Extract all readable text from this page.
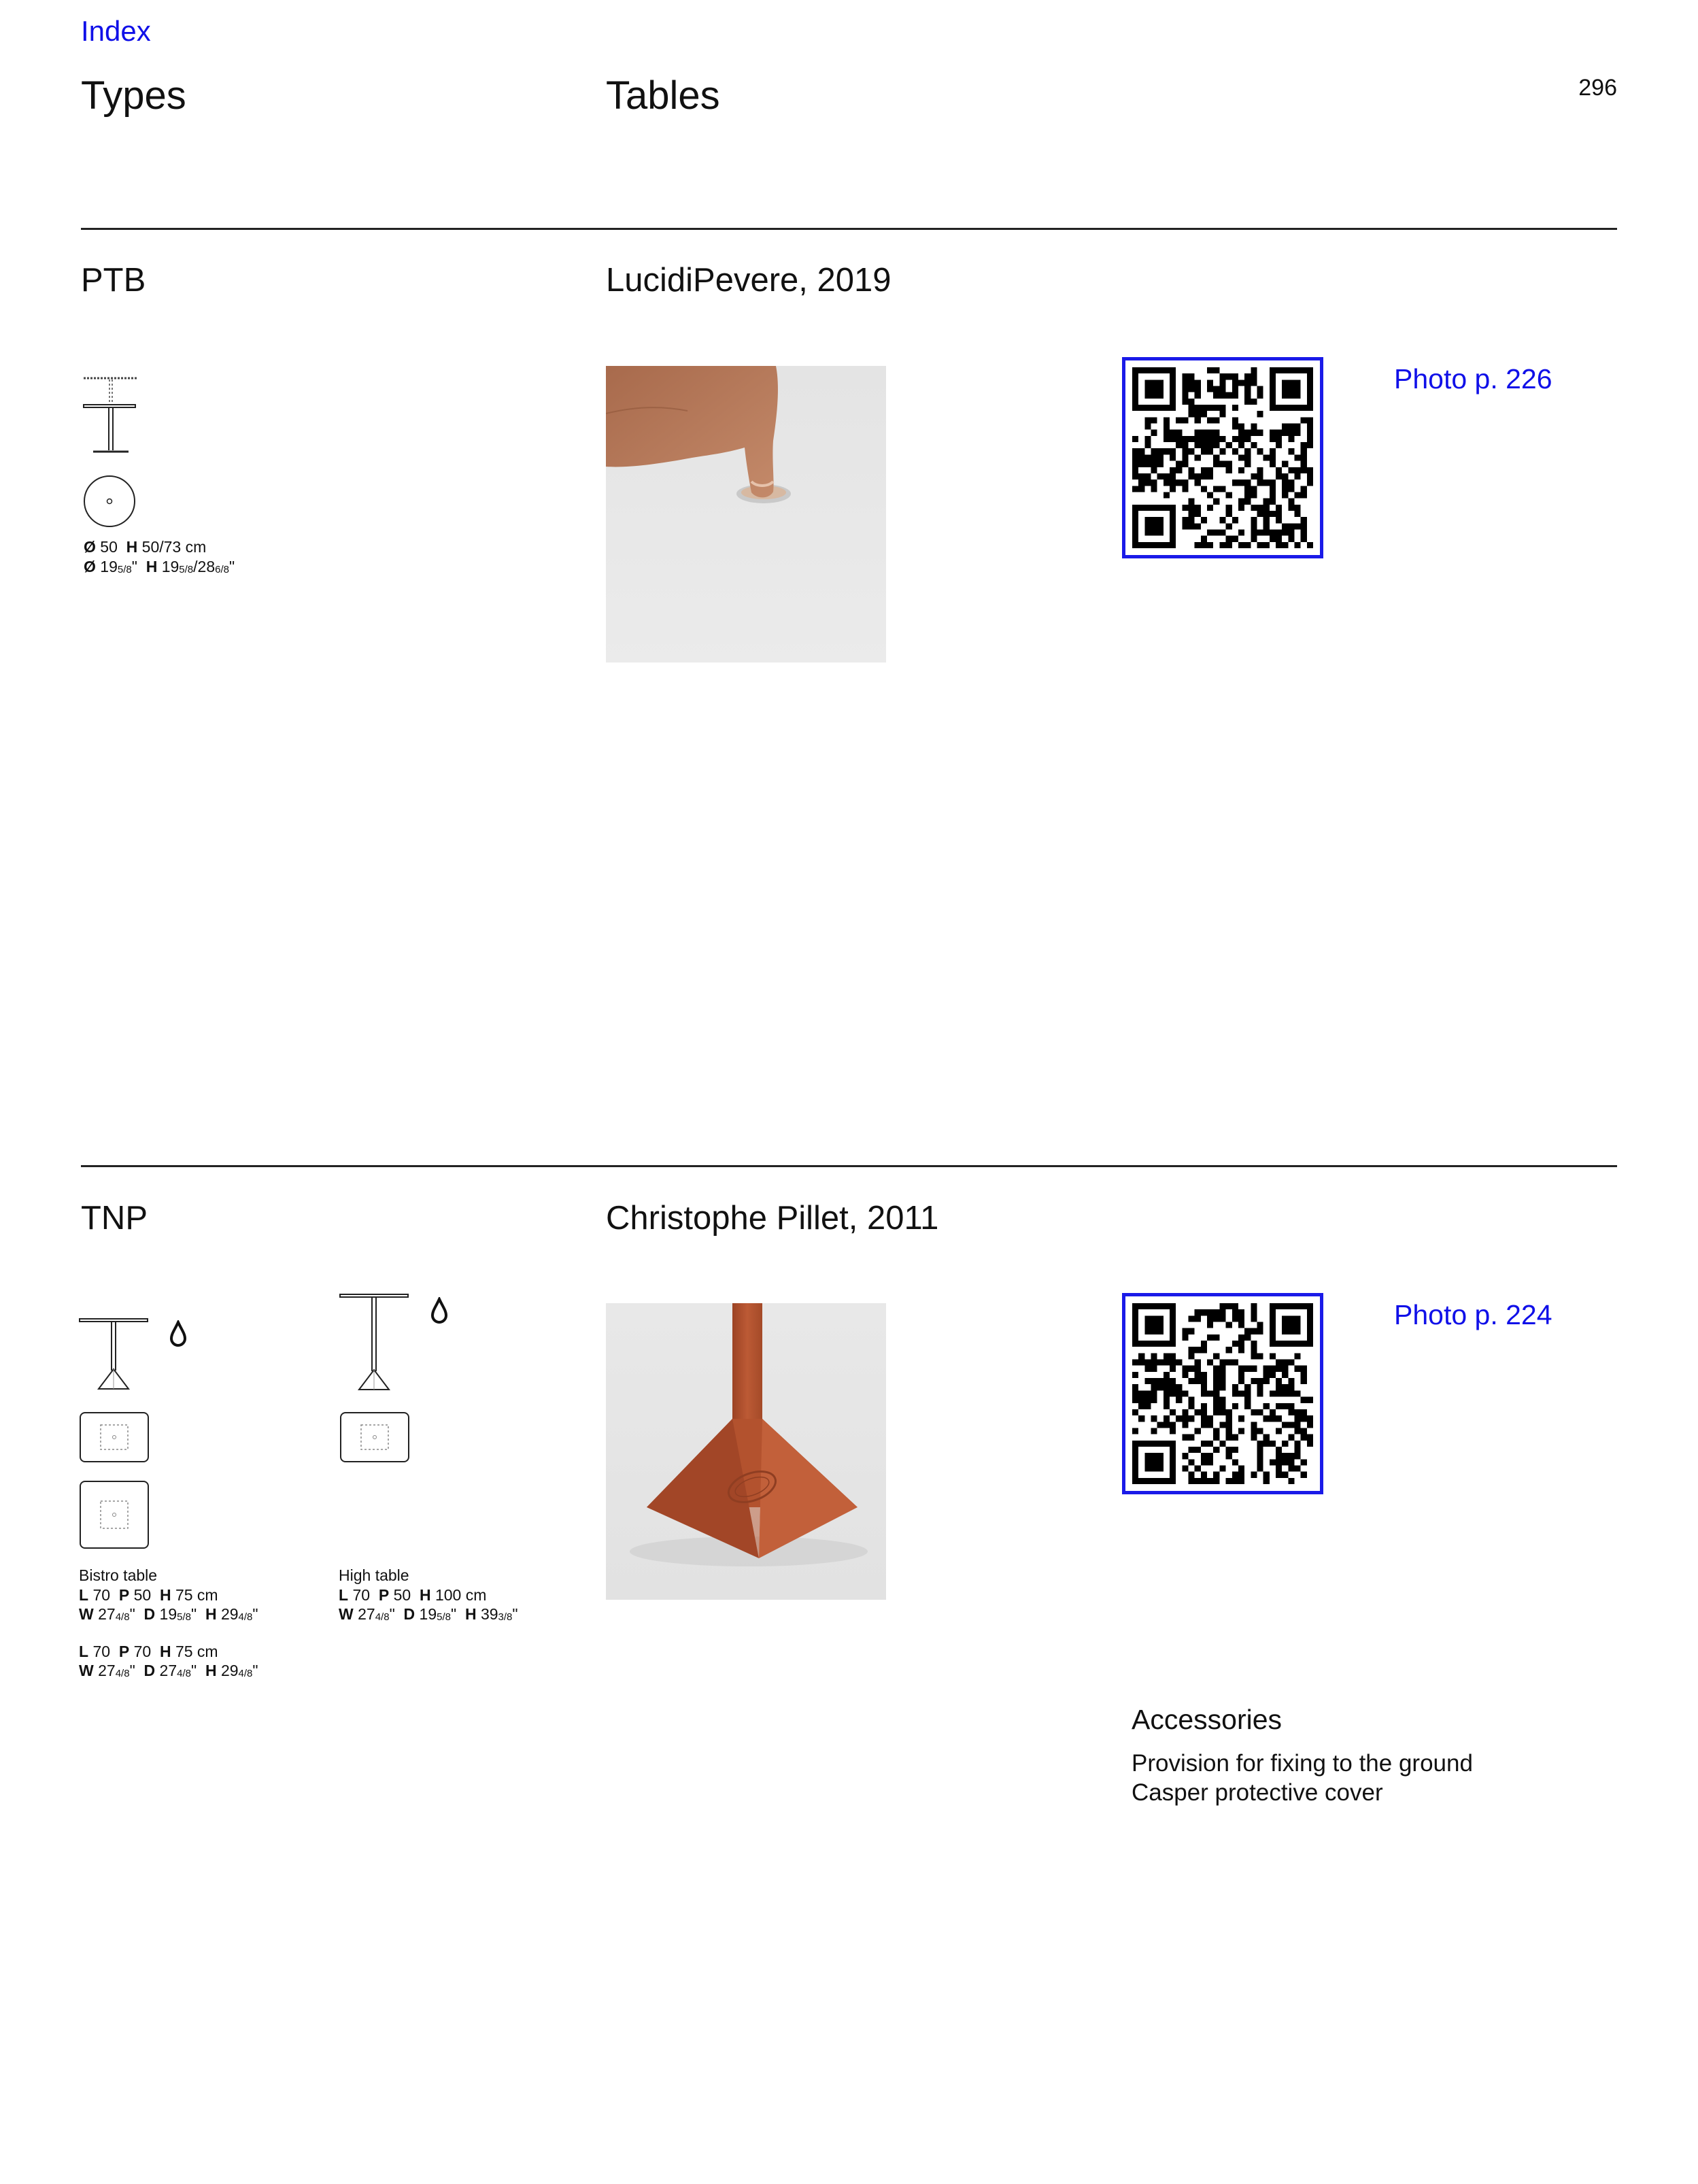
Index
Types	Tables	296
PTB	LucidiPevere, 2019
Ø 50 H 50/73 cm
Ø $19_{5/8}$" H $19_{5/8}/28_{6/8}$"
Photo p. 226
TNP	Christophe Pillet, 2011
Bistro table
L 70 P 50 H 75 cm
W $27_{4/8}$" D $19_{5/8}$" H $29_{4/8}$"
L 70 P 70 H 75 cm
W $27_{4/8}$" D $27_{4/8}$" H $29_{4/8}$"
High table
L 70 P 50 H 100 cm
W $27_{4/8}$" D $19_{5/8}$" H $39_{3/8}$"
Photo p. 224
Accessories
Provision for fixing to the ground
Casper protective cover
